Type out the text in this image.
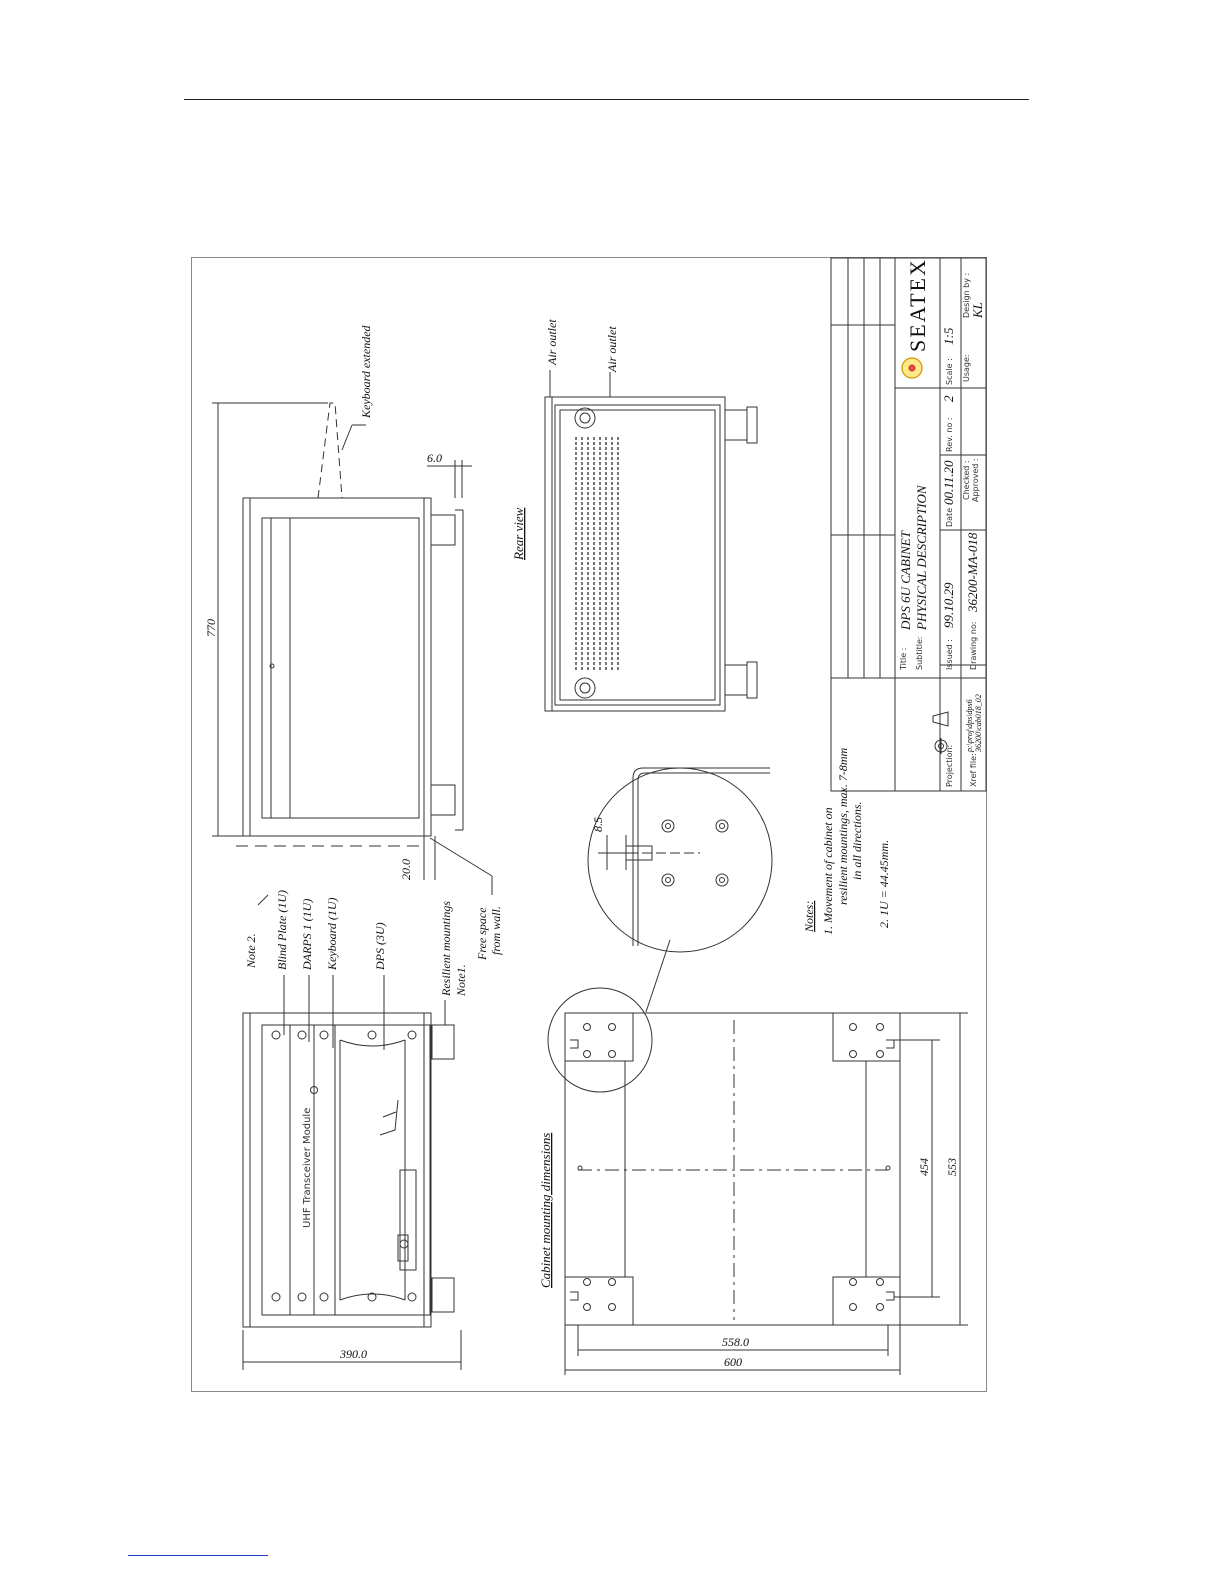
770
Keyboard extended
6.0
20.0
Air outlet	Air outlet
Rear view
Note 2. Blind Plate (1U) DARPS 1 (1U) Keyboard (1U)	DPS (3U)	Resilient mountings Note1.
Free space from wall.
UHF Transceiver Module
390.0
Cabinet mounting dimensions
8.5
454 553
558.0
600
Notes: 1. Movement of cabinet on resilient mountings, max. 7-8mm in all directions. 2. 1U = 44.45mm.
SEATEX
Title :
DPS 6U CABINET
Subtitle:
PHYSICAL DESCRIPTION
Issued :
99.10.29
Date :
00.11.20
Rev. no :
2
Scale :
1:5
Drawing no:
36200-MA-018
Checked : Approved :
Usage:
Design by : KL
Projection: Xref file:
p:\proj\dps\dps6 36200\cab018_02
